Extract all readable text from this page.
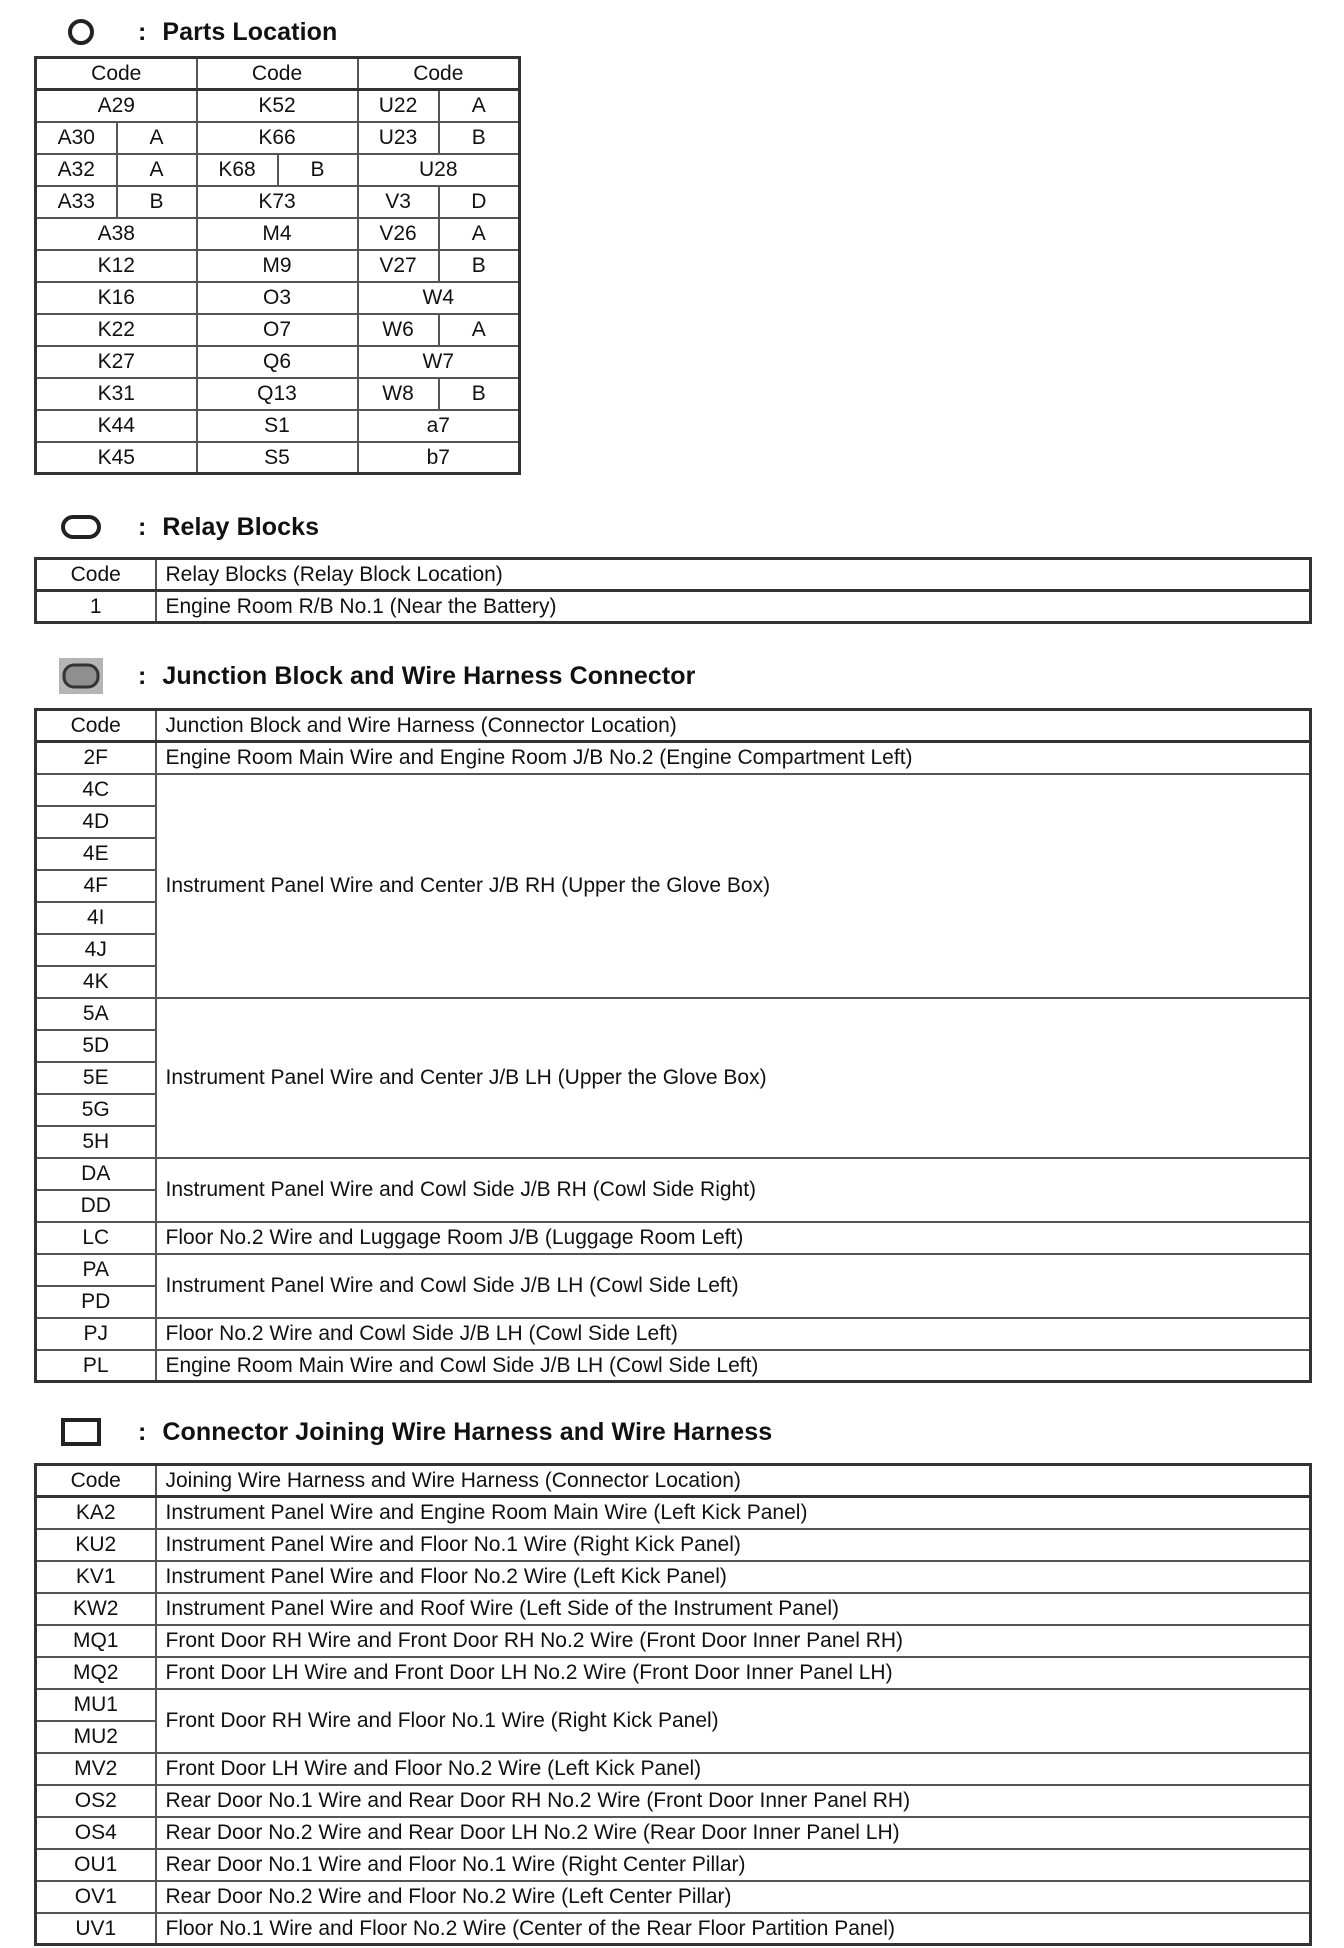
: Parts Location
Code		Code		Code	
A29		K52		U22	A
A30	A	K66		U23	B
A32	A	K68	B	U28	
A33	B	K73		V3	D
A38		M4		V26	A
K12		M9		V27	B
K16		O3		W4	
K22		O7		W6	A
K27		Q6		W7	
K31		Q13		W8	B
K44		S1		a7	
K45		S5		b7	
: Relay Blocks
Code	Relay Blocks (Relay Block Location)
1	Engine Room R/B No.1 (Near the Battery)
: Junction Block and Wire Harness Connector
Code	Junction Block and Wire Harness (Connector Location)
2F	Engine Room Main Wire and Engine Room J/B No.2 (Engine Compartment Left)
4C	Instrument Panel Wire and Center J/B RH (Upper the Glove Box)
4D	
4E	
4F	
4I	
4J	
4K	
5A	Instrument Panel Wire and Center J/B LH (Upper the Glove Box)
5D	
5E	
5G	
5H	
DA	Instrument Panel Wire and Cowl Side J/B RH (Cowl Side Right)
DD	
LC	Floor No.2 Wire and Luggage Room J/B (Luggage Room Left)
PA	Instrument Panel Wire and Cowl Side J/B LH (Cowl Side Left)
PD	
PJ	Floor No.2 Wire and Cowl Side J/B LH (Cowl Side Left)
PL	Engine Room Main Wire and Cowl Side J/B LH (Cowl Side Left)
: Connector Joining Wire Harness and Wire Harness
Code	Joining Wire Harness and Wire Harness (Connector Location)
KA2	Instrument Panel Wire and Engine Room Main Wire (Left Kick Panel)
KU2	Instrument Panel Wire and Floor No.1 Wire (Right Kick Panel)
KV1	Instrument Panel Wire and Floor No.2 Wire (Left Kick Panel)
KW2	Instrument Panel Wire and Roof Wire (Left Side of the Instrument Panel)
MQ1	Front Door RH Wire and Front Door RH No.2 Wire (Front Door Inner Panel RH)
MQ2	Front Door LH Wire and Front Door LH No.2 Wire (Front Door Inner Panel LH)
MU1	Front Door RH Wire and Floor No.1 Wire (Right Kick Panel)
MU2	
MV2	Front Door LH Wire and Floor No.2 Wire (Left Kick Panel)
OS2	Rear Door No.1 Wire and Rear Door RH No.2 Wire (Front Door Inner Panel RH)
OS4	Rear Door No.2 Wire and Rear Door LH No.2 Wire (Rear Door Inner Panel LH)
OU1	Rear Door No.1 Wire and Floor No.1 Wire (Right Center Pillar)
OV1	Rear Door No.2 Wire and Floor No.2 Wire (Left Center Pillar)
UV1	Floor No.1 Wire and Floor No.2 Wire (Center of the Rear Floor Partition Panel)
